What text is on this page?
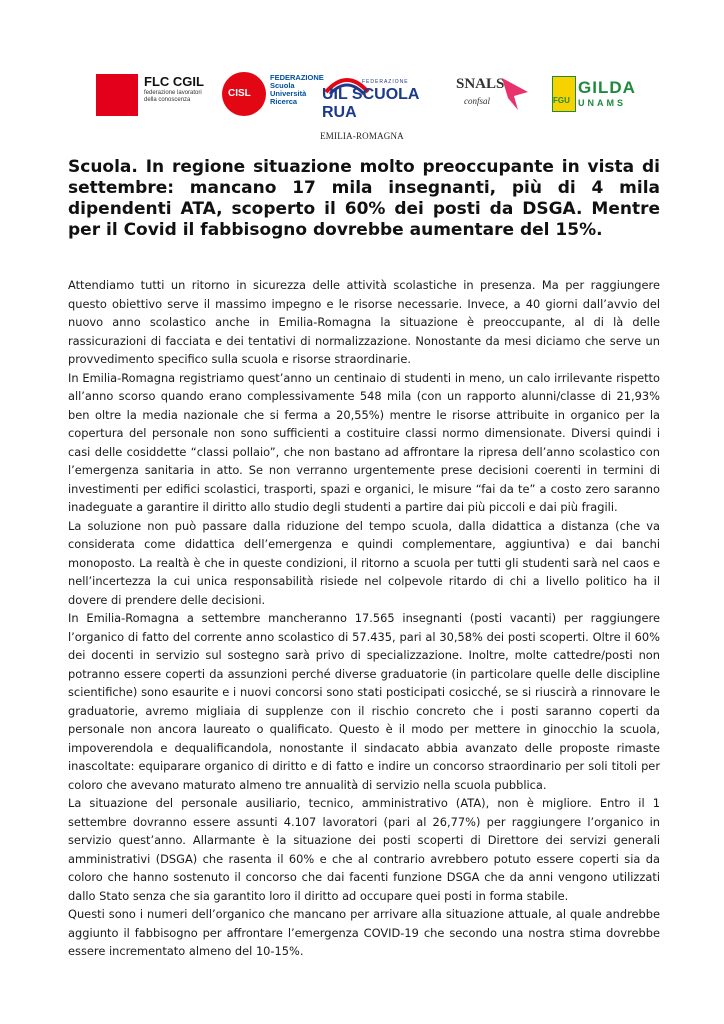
FLC CGIL
federazione lavoratori della conoscenza
CISL
FEDERAZIONE Scuola Università Ricerca
FEDERAZIONE
UIL SCUOLA RUA
SNALS
confsal	FGU
GILDA
UNAMS
EMILIA-ROMAGNA
Scuola. In regione situazione molto preoccupante in vista di settembre: mancano 17 mila insegnanti, più di 4 mila dipendenti ATA, scoperto il 60% dei posti da DSGA. Mentre per il Covid il fabbisogno dovrebbe aumentare del 15%.

Attendiamo tutti un ritorno in sicurezza delle attività scolastiche in presenza. Ma per raggiungere questo obiettivo serve il massimo impegno e le risorse necessarie. Invece, a 40 giorni dall’avvio del nuovo anno scolastico anche in Emilia-Romagna la situazione è preoccupante, al di là delle rassicurazioni di facciata e dei tentativi di normalizzazione. Nonostante da mesi diciamo che serve un provvedimento specifico sulla scuola e risorse straordinarie.

In Emilia-Romagna registriamo quest’anno un centinaio di studenti in meno, un calo irrilevante rispetto all’anno scorso quando erano complessivamente 548 mila (con un rapporto alunni/classe di 21,93% ben oltre la media nazionale che si ferma a 20,55%) mentre le risorse attribuite in organico per la copertura del personale non sono sufficienti a costituire classi normo dimensionate. Diversi quindi i casi delle cosiddette “classi pollaio”, che non bastano ad affrontare la ripresa dell’anno scolastico con l’emergenza sanitaria in atto. Se non verranno urgentemente prese decisioni coerenti in termini di investimenti per edifici scolastici, trasporti, spazi e organici, le misure “fai da te” a costo zero saranno inadeguate a garantire il diritto allo studio degli studenti a partire dai più piccoli e dai più fragili.

La soluzione non può passare dalla riduzione del tempo scuola, dalla didattica a distanza (che va considerata come didattica dell’emergenza e quindi complementare, aggiuntiva) e dai banchi monoposto. La realtà è che in queste condizioni, il ritorno a scuola per tutti gli studenti sarà nel caos e nell’incertezza la cui unica responsabilità risiede nel colpevole ritardo di chi a livello politico ha il dovere di prendere delle decisioni.

In Emilia-Romagna a settembre mancheranno 17.565 insegnanti (posti vacanti) per raggiungere l’organico di fatto del corrente anno scolastico di 57.435, pari al 30,58% dei posti scoperti. Oltre il 60% dei docenti in servizio sul sostegno sarà privo di specializzazione. Inoltre, molte cattedre/posti non potranno essere coperti da assunzioni perché diverse graduatorie (in particolare quelle delle discipline scientifiche) sono esaurite e i nuovi concorsi sono stati posticipati cosicché, se si riuscirà a rinnovare le graduatorie, avremo migliaia di supplenze con il rischio concreto che i posti saranno coperti da personale non ancora laureato o qualificato. Questo è il modo per mettere in ginocchio la scuola, impoverendola e dequalificandola, nonostante il sindacato abbia avanzato delle proposte rimaste inascoltate: equiparare organico di diritto e di fatto e indire un concorso straordinario per soli titoli per coloro che avevano maturato almeno tre annualità di servizio nella scuola pubblica.

La situazione del personale ausiliario, tecnico, amministrativo (ATA), non è migliore. Entro il 1 settembre dovranno essere assunti 4.107 lavoratori (pari al 26,77%) per raggiungere l’organico in servizio quest’anno. Allarmante è la situazione dei posti scoperti di Direttore dei servizi generali amministrativi (DSGA) che rasenta il 60% e che al contrario avrebbero potuto essere coperti sia da coloro che hanno sostenuto il concorso che dai facenti funzione DSGA che da anni vengono utilizzati dallo Stato senza che sia garantito loro il diritto ad occupare quei posti in forma stabile.

Questi sono i numeri dell’organico che mancano per arrivare alla situazione attuale, al quale andrebbe aggiunto il fabbisogno per affrontare l’emergenza COVID-19 che secondo una nostra stima dovrebbe essere incrementato almeno del 10-15%.
